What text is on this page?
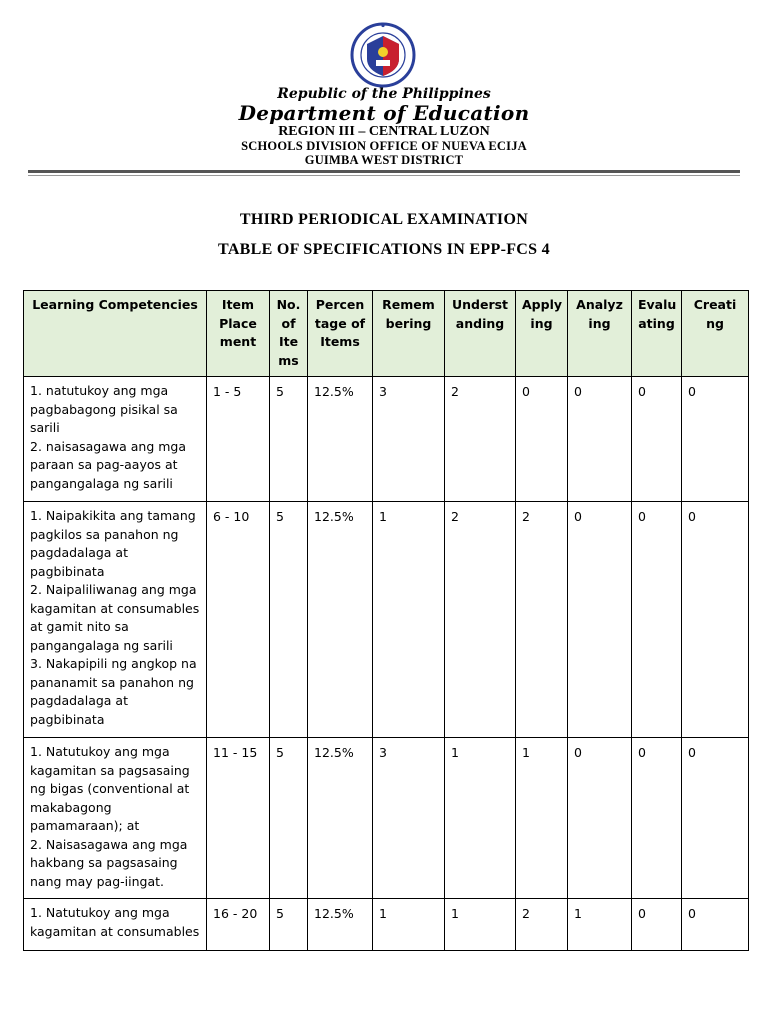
Republic of the Philippines
Department of Education
REGION III – CENTRAL LUZON
SCHOOLS DIVISION OFFICE OF NUEVA ECIJA
GUIMBA WEST DISTRICT
THIRD PERIODICAL EXAMINATION
TABLE OF SPECIFICATIONS IN EPP-FCS 4
Learning Competencies	Item Place ment	No. of Ite ms	Percen tage of Items	Remem bering	Underst anding	Apply ing	Analyz ing	Evalu ating	Creati ng
1. natutukoy ang mga pagbabagong pisikal sa sarili
2. naisasagawa ang mga paraan sa pag-aayos at pangangalaga ng sarili	1 - 5	5	12.5%	3	2	0	0	0	0
1. Naipakikita ang tamang pagkilos sa panahon ng pagdadalaga at pagbibinata
2. Naipaliliwanag ang mga kagamitan at consumables at gamit nito sa pangangalaga ng sarili
3. Nakapipili ng angkop na pananamit sa panahon ng pagdadalaga at pagbibinata	6 - 10	5	12.5%	1	2	2	0	0	0
1. Natutukoy ang mga kagamitan sa pagsasaing ng bigas (conventional at makabagong pamamaraan); at
2. Naisasagawa ang mga hakbang sa pagsasaing nang may pag-iingat.	11 - 15	5	12.5%	3	1	1	0	0	0
1. Natutukoy ang mga kagamitan at consumables	16 - 20	5	12.5%	1	1	2	1	0	0
